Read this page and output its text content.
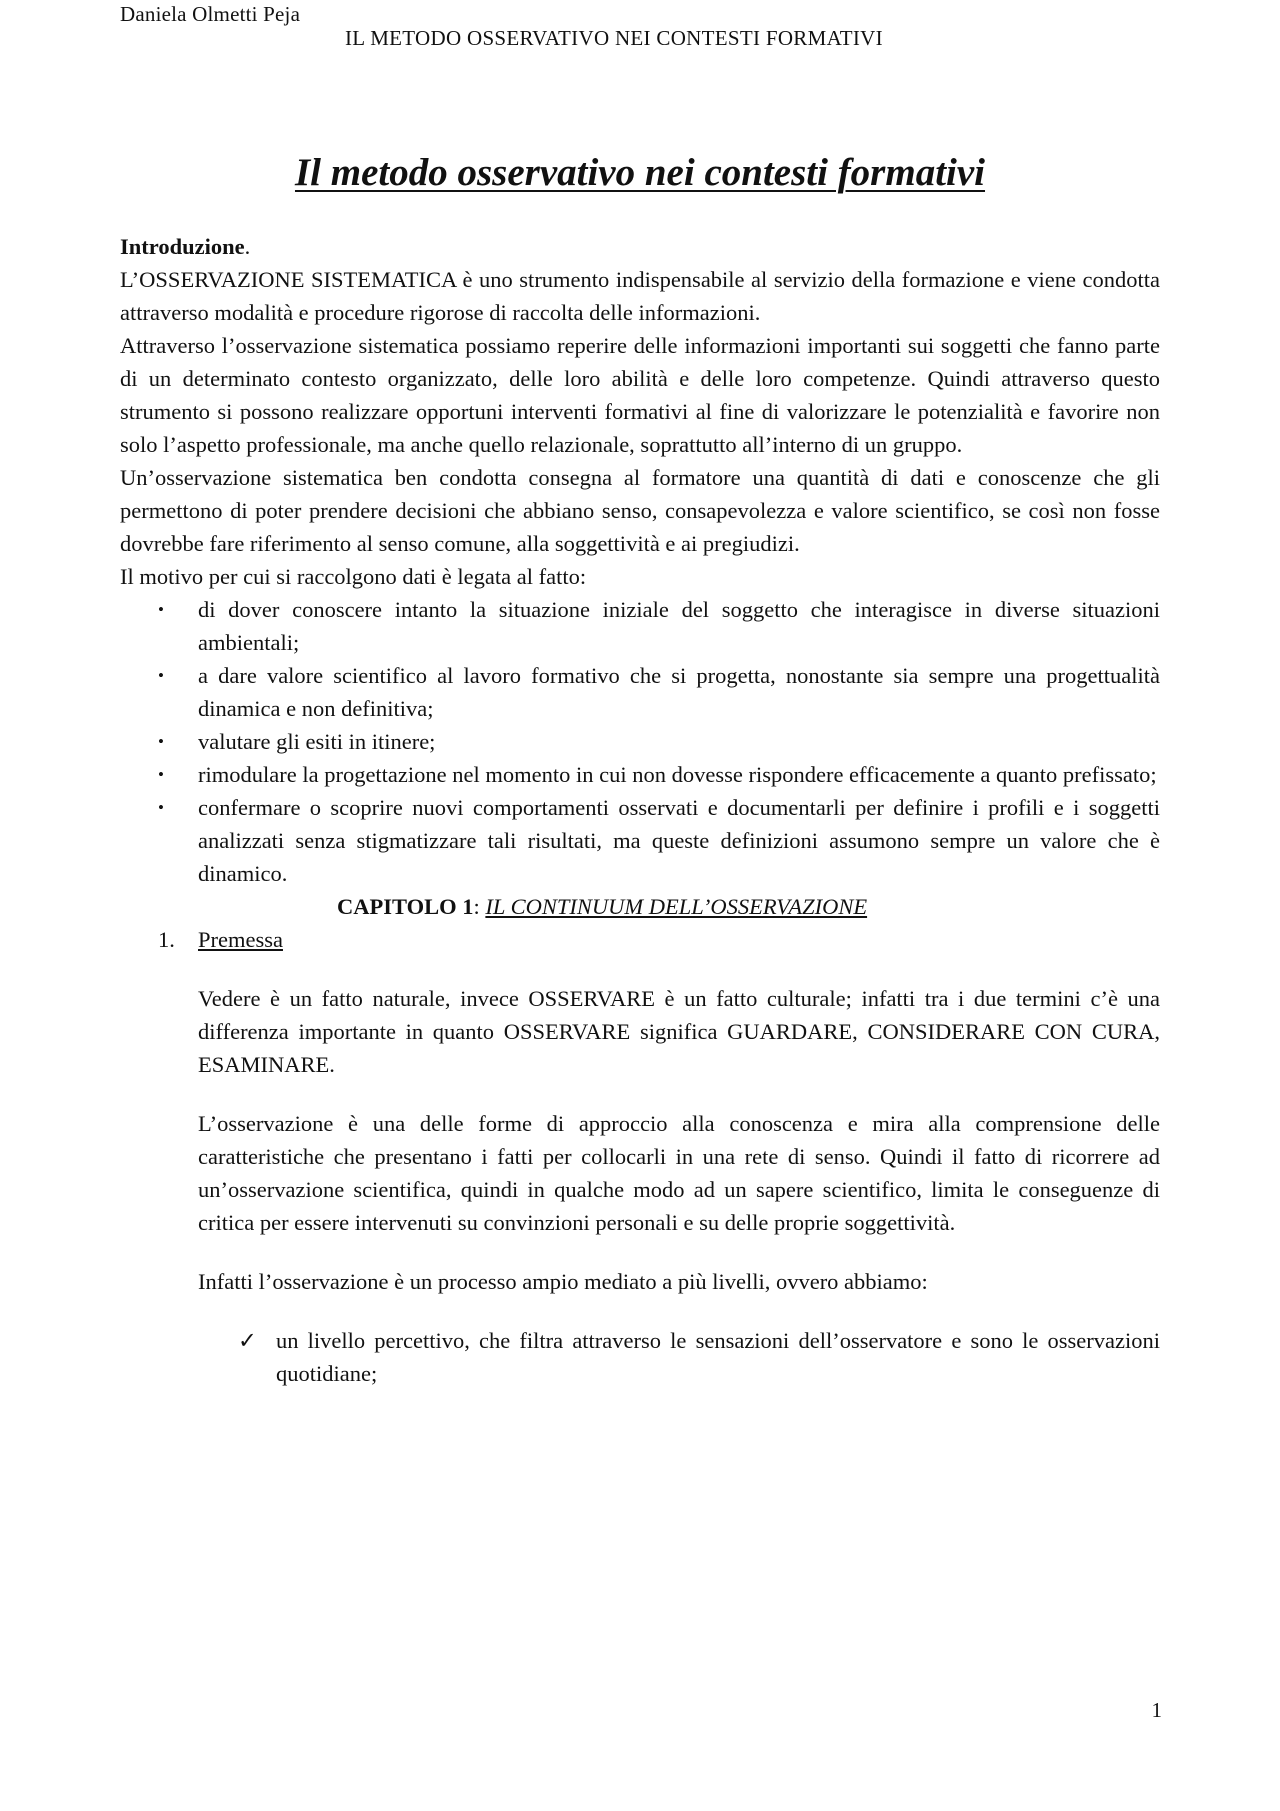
Daniela Olmetti Peja
IL METODO OSSERVATIVO NEI CONTESTI FORMATIVI
Il metodo osservativo nei contesti formativi

Introduzione.

L’OSSERVAZIONE SISTEMATICA è uno strumento indispensabile al servizio della formazione e viene condotta attraverso modalità e procedure rigorose di raccolta delle informazioni.

Attraverso l’osservazione sistematica possiamo reperire delle informazioni importanti sui soggetti che fanno parte di un determinato contesto organizzato, delle loro abilità e delle loro competenze. Quindi attraverso questo strumento si possono realizzare opportuni interventi formativi al fine di valorizzare le potenzialità e favorire non solo l’aspetto professionale, ma anche quello relazionale, soprattutto all’interno di un gruppo.

Un’osservazione sistematica ben condotta consegna al formatore una quantità di dati e conoscenze che gli permettono di poter prendere decisioni che abbiano senso, consapevolezza e valore scientifico, se così non fosse dovrebbe fare riferimento al senso comune, alla soggettività e ai pregiudizi.

Il motivo per cui si raccolgono dati è legata al fatto:

• di dover conoscere intanto la situazione iniziale del soggetto che interagisce in diverse situazioni ambientali;
• a dare valore scientifico al lavoro formativo che si progetta, nonostante sia sempre una progettualità dinamica e non definitiva;
• valutare gli esiti in itinere;
• rimodulare la progettazione nel momento in cui non dovesse rispondere efficacemente a quanto prefissato;
• confermare o scoprire nuovi comportamenti osservati e documentarli per definire i profili e i soggetti analizzati senza stigmatizzare tali risultati, ma queste definizioni assumono sempre un valore che è dinamico.

CAPITOLO 1: IL CONTINUUM DELL’OSSERVAZIONE

1. Premessa

Vedere è un fatto naturale, invece OSSERVARE è un fatto culturale; infatti tra i due termini c’è una differenza importante in quanto OSSERVARE significa GUARDARE, CONSIDERARE CON CURA, ESAMINARE.

L’osservazione è una delle forme di approccio alla conoscenza e mira alla comprensione delle caratteristiche che presentano i fatti per collocarli in una rete di senso. Quindi il fatto di ricorrere ad un’osservazione scientifica, quindi in qualche modo ad un sapere scientifico, limita le conseguenze di critica per essere intervenuti su convinzioni personali e su delle proprie soggettività.

Infatti l’osservazione è un processo ampio mediato a più livelli, ovvero abbiamo:

✓ un livello percettivo, che filtra attraverso le sensazioni dell’osservatore e sono le osservazioni quotidiane;
1
